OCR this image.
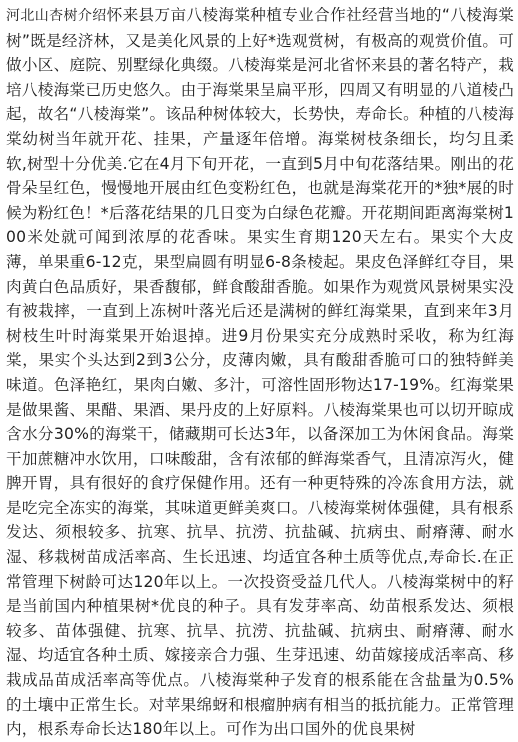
河北山杏树介绍怀来县万亩八棱海棠种植专业合作社经营当地的“八棱海棠树”既是经济林，又是美化风景的上好*选观赏树，有极高的观赏价值。可做小区、庭院、别墅绿化典缀。八棱海棠是河北省怀来县的著名特产，栽培八棱海棠已历史悠久。由于海棠果呈扁平形，四周又有明显的八道棱凸起，故名“八棱海棠”。该品种树体较大，长势快，寿命长。种植的八棱海棠幼树当年就开花、挂果，产量逐年倍增。海棠树枝条细长，均匀且柔软,树型十分优美.它在4月下旬开花，一直到5月中旬花落结果。刚出的花骨朵呈红色，慢慢地开展由红色变粉红色，也就是海棠花开的*独*展的时候为粉红色！*后落花结果的几日变为白绿色花瓣。开花期间距离海棠树100米处就可闻到浓厚的花香味。果实生育期120天左右。果实个大皮薄，单果重6-12克，果型扁圆有明显6-8条棱起。果皮色泽鲜红夺目，果肉黄白色品质好，果香馥郁，鲜食酸甜香脆。如果作为观赏风景树果实没有被栽摔，一直到上冻树叶落光后还是满树的鲜红海棠果，直到来年3月树枝生叶时海棠果开始退掉。进9月份果实充分成熟时采收，称为红海棠，果实个头达到2到3公分，皮薄肉嫩，具有酸甜香脆可口的独特鲜美味道。色泽艳红，果肉白嫩、多汁，可溶性固形物达17-19%。红海棠果是做果酱、果醋、果酒、果丹皮的上好原料。八棱海棠果也可以切开晾成含水分30%的海棠干，储藏期可长达3年，以备深加工为休闲食品。海棠干加蔗糖冲水饮用，口味酸甜，含有浓郁的鲜海棠香气，且清凉泻火，健脾开胃，具有很好的食疗保健作用。还有一种更特殊的冷冻食用方法，就是吃完全冻实的海棠，其味道更鲜美爽口。八棱海棠树体强健，具有根系发达、须根较多、抗寒、抗旱、抗涝、抗盐碱、抗病虫、耐瘠薄、耐水湿、移栽树苗成活率高、生长迅速、均适宜各种土质等优点,寿命长.在正常管理下树龄可达120年以上。一次投资受益几代人。八棱海棠树中的籽是当前国内种植果树*优良的种子。具有发芽率高、幼苗根系发达、须根较多、苗体强健、抗寒、抗旱、抗涝、抗盐碱、抗病虫、耐瘠薄、耐水湿、均适宜各种土质、嫁接亲合力强、生芽迅速、幼苗嫁接成活率高、移栽成品苗成活率高等优点。八棱海棠种子发育的根系能在含盐量为0.5%的土壤中正常生长。对苹果绵蚜和根瘤肿病有相当的抵抗能力。正常管理内，根系寿命长达180年以上。可作为出口国外的优良果树
